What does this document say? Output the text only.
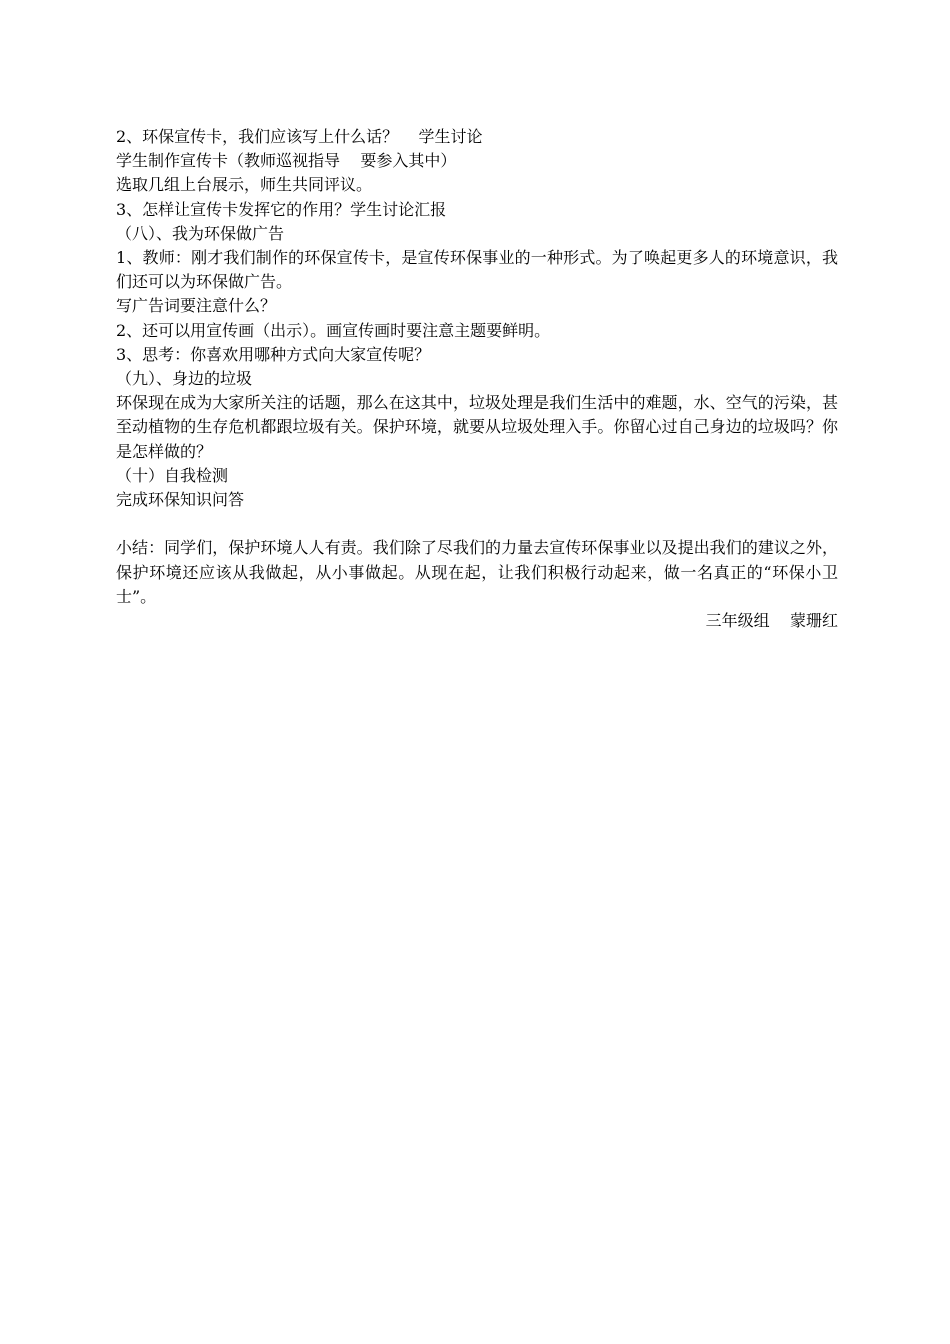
2、环保宣传卡，我们应该写上什么话？    学生讨论
学生制作宣传卡（教师巡视指导    要参入其中）
选取几组上台展示，师生共同评议。
3、怎样让宣传卡发挥它的作用？学生讨论汇报
（八）、我为环保做广告
1、教师：刚才我们制作的环保宣传卡，是宣传环保事业的一种形式。为了唤起更多人的环境意识，我们还可以为环保做广告。
写广告词要注意什么？
2、还可以用宣传画（出示）。画宣传画时要注意主题要鲜明。
3、思考：你喜欢用哪种方式向大家宣传呢？
（九）、身边的垃圾
环保现在成为大家所关注的话题，那么在这其中，垃圾处理是我们生活中的难题，水、空气的污染，甚至动植物的生存危机都跟垃圾有关。保护环境，就要从垃圾处理入手。你留心过自己身边的垃圾吗？你是怎样做的？
（十）自我检测
完成环保知识问答
小结：同学们，保护环境人人有责。我们除了尽我们的力量去宣传环保事业以及提出我们的建议之外，保护环境还应该从我做起，从小事做起。从现在起，让我们积极行动起来，做一名真正的“环保小卫士”。
三年级组    蒙珊红
